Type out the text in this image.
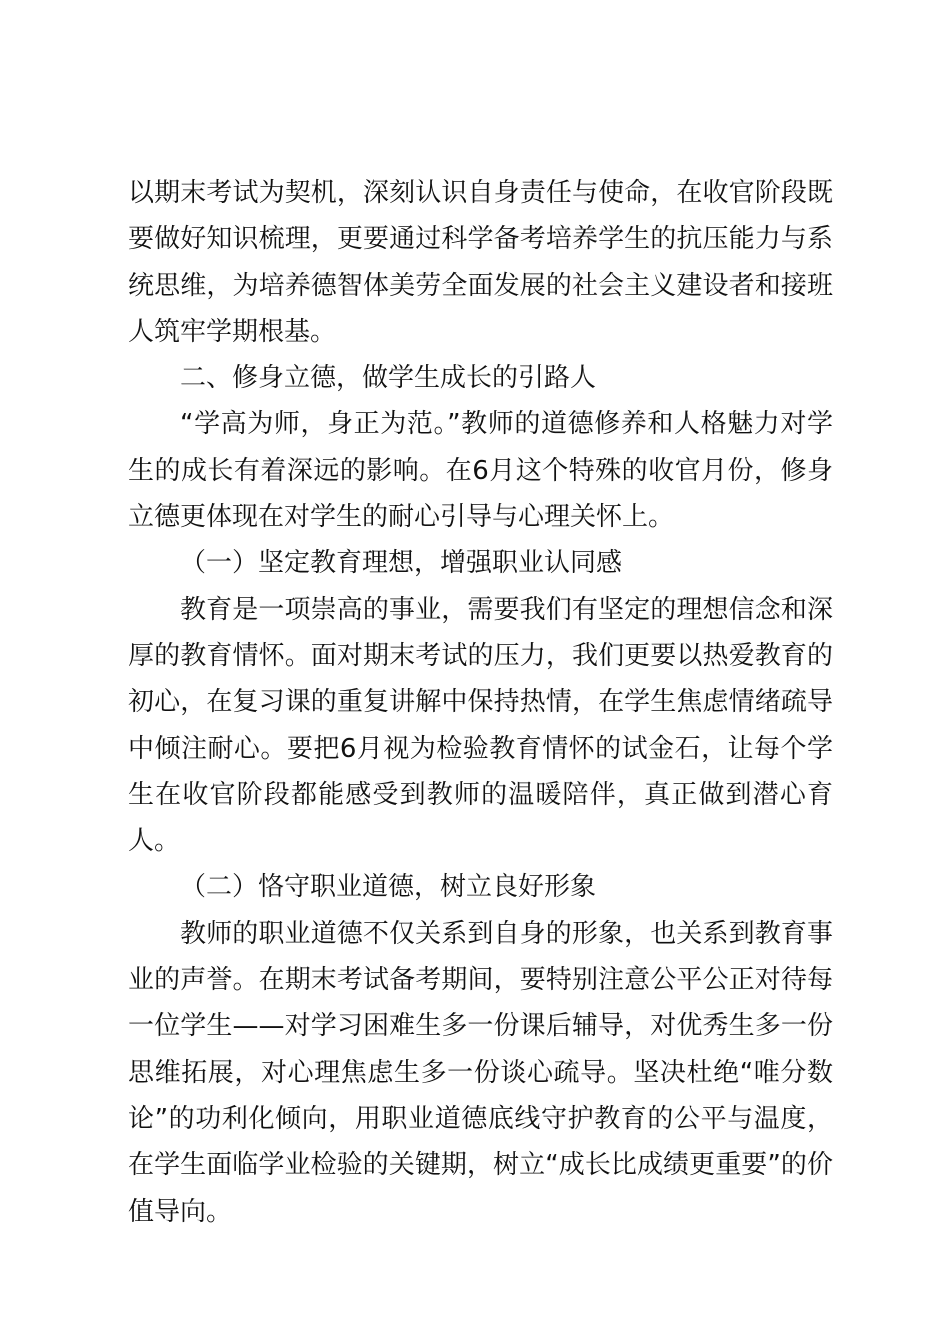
以期末考试为契机，深刻认识自身责任与使命，在收官阶段既要做好知识梳理，更要通过科学备考培养学生的抗压能力与系统思维，为培养德智体美劳全面发展的社会主义建设者和接班人筑牢学期根基。

二、修身立德，做学生成长的引路人

“学高为师，身正为范。”教师的道德修养和人格魅力对学生的成长有着深远的影响。在6月这个特殊的收官月份，修身立德更体现在对学生的耐心引导与心理关怀上。

（一）坚定教育理想，增强职业认同感

教育是一项崇高的事业，需要我们有坚定的理想信念和深厚的教育情怀。面对期末考试的压力，我们更要以热爱教育的初心，在复习课的重复讲解中保持热情，在学生焦虑情绪疏导中倾注耐心。要把6月视为检验教育情怀的试金石，让每个学生在收官阶段都能感受到教师的温暖陪伴，真正做到潜心育人。

（二）恪守职业道德，树立良好形象

教师的职业道德不仅关系到自身的形象，也关系到教育事业的声誉。在期末考试备考期间，要特别注意公平公正对待每一位学生——对学习困难生多一份课后辅导，对优秀生多一份思维拓展，对心理焦虑生多一份谈心疏导。坚决杜绝“唯分数论”的功利化倾向，用职业道德底线守护教育的公平与温度，在学生面临学业检验的关键期，树立“成长比成绩更重要”的价值导向。
